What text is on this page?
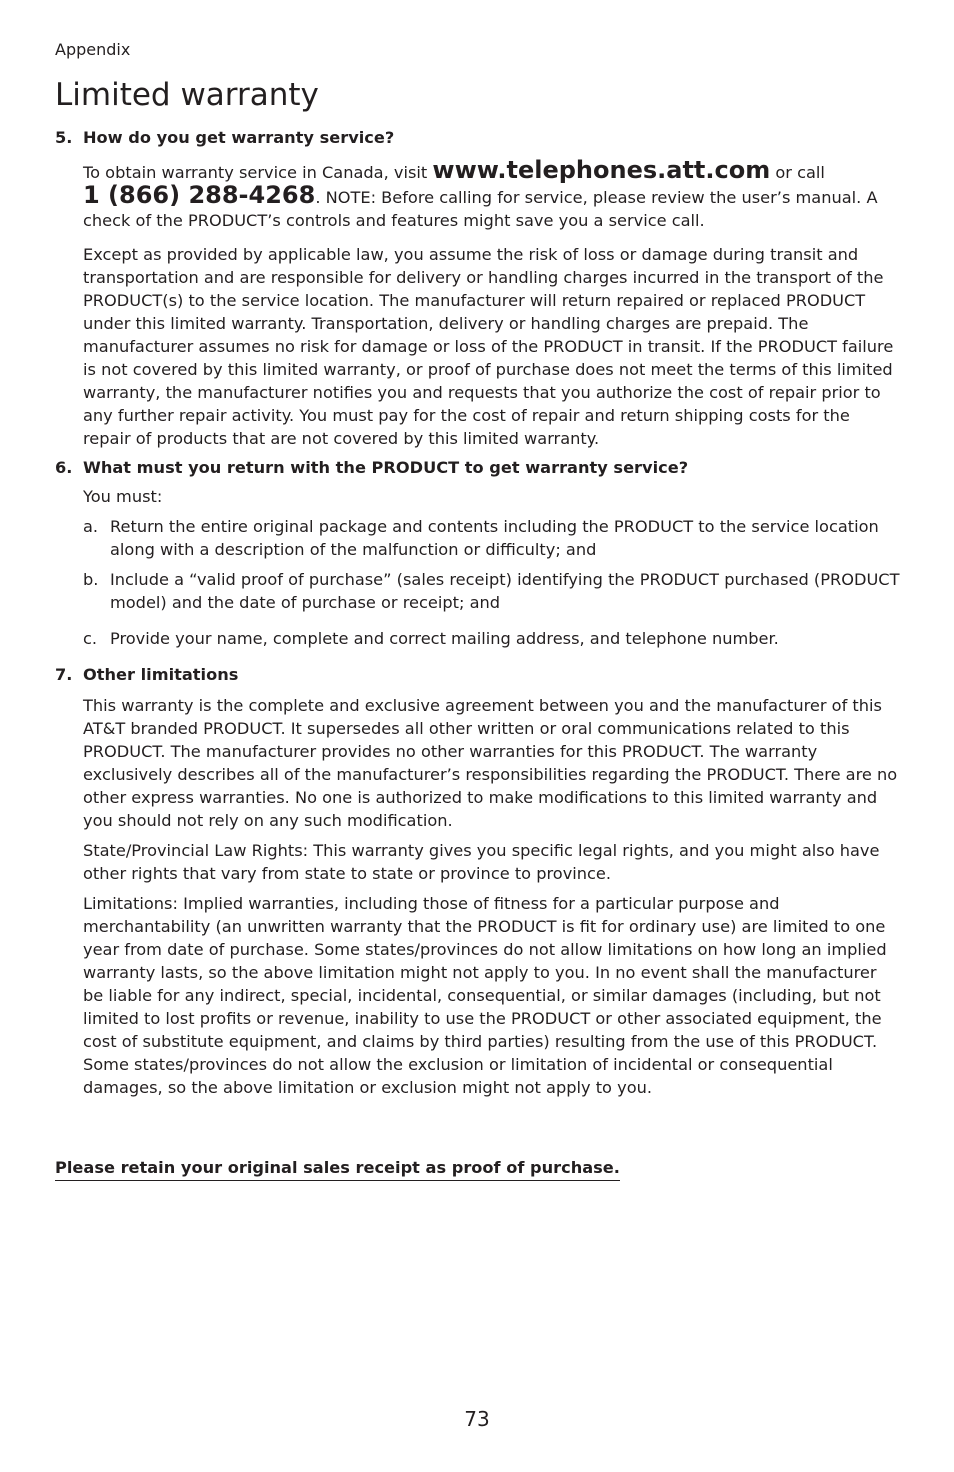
Appendix
Limited warranty
5. How do you get warranty service?

To obtain warranty service in Canada, visit www.telephones.att.com or call
1 (866) 288-4268. NOTE: Before calling for service, please review the user’s manual. A check of the PRODUCT’s controls and features might save you a service call.

Except as provided by applicable law, you assume the risk of loss or damage during transit and transportation and are responsible for delivery or handling charges incurred in the transport of the PRODUCT(s) to the service location. The manufacturer will return repaired or replaced PRODUCT under this limited warranty. Transportation, delivery or handling charges are prepaid. The manufacturer assumes no risk for damage or loss of the PRODUCT in transit. If the PRODUCT failure is not covered by this limited warranty, or proof of purchase does not meet the terms of this limited warranty, the manufacturer notifies you and requests that you authorize the cost of repair prior to any further repair activity. You must pay for the cost of repair and return shipping costs for the repair of products that are not covered by this limited warranty.

6. What must you return with the PRODUCT to get warranty service?

You must:

a. Return the entire original package and contents including the PRODUCT to the service location along with a description of the malfunction or difficulty; and
b. Include a “valid proof of purchase” (sales receipt) identifying the PRODUCT purchased (PRODUCT model) and the date of purchase or receipt; and
c. Provide your name, complete and correct mailing address, and telephone number.
7. Other limitations

This warranty is the complete and exclusive agreement between you and the manufacturer of this AT&T branded PRODUCT. It supersedes all other written or oral communications related to this PRODUCT. The manufacturer provides no other warranties for this PRODUCT. The warranty exclusively describes all of the manufacturer’s responsibilities regarding the PRODUCT. There are no other express warranties. No one is authorized to make modifications to this limited warranty and you should not rely on any such modification.

State/Provincial Law Rights: This warranty gives you specific legal rights, and you might also have other rights that vary from state to state or province to province.

Limitations: Implied warranties, including those of fitness for a particular purpose and merchantability (an unwritten warranty that the PRODUCT is fit for ordinary use) are limited to one year from date of purchase. Some states/provinces do not allow limitations on how long an implied warranty lasts, so the above limitation might not apply to you. In no event shall the manufacturer be liable for any indirect, special, incidental, consequential, or similar damages (including, but not limited to lost profits or revenue, inability to use the PRODUCT or other associated equipment, the cost of substitute equipment, and claims by third parties) resulting from the use of this PRODUCT. Some states/provinces do not allow the exclusion or limitation of incidental or consequential damages, so the above limitation or exclusion might not apply to you.

Please retain your original sales receipt as proof of purchase.
73
